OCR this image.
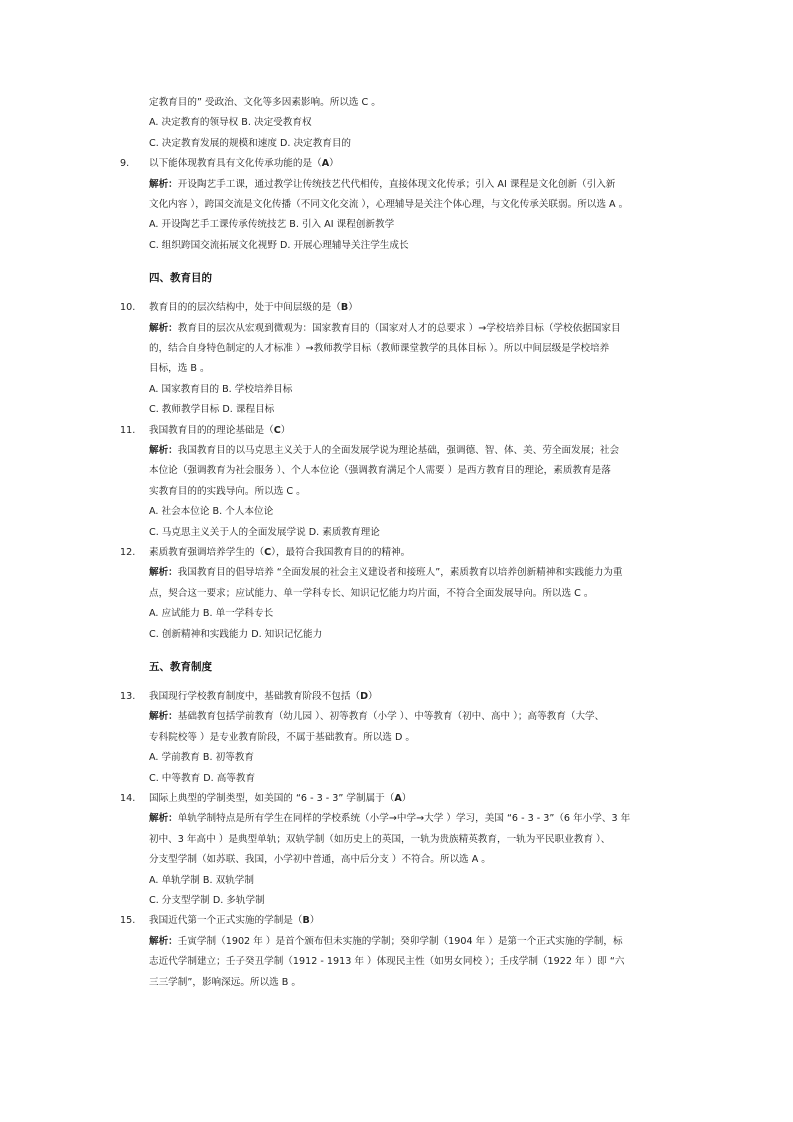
定教育目的” 受政治、文化等多因素影响。所以选 C 。
A. 决定教育的领导权 B. 决定受教育权
C. 决定教育发展的规模和速度 D. 决定教育目的
9. 以下能体现教育具有文化传承功能的是（A）
解析：开设陶艺手工课，通过教学让传统技艺代代相传，直接体现文化传承；引入 AI 课程是文化创新（引入新
文化内容 ），跨国交流是文化传播（不同文化交流 ），心理辅导是关注个体心理，与文化传承关联弱。所以选 A 。
A. 开设陶艺手工课传承传统技艺 B. 引入 AI 课程创新教学
C. 组织跨国交流拓展文化视野 D. 开展心理辅导关注学生成长
四、教育目的
10. 教育目的的层次结构中，处于中间层级的是（B）
解析：教育目的层次从宏观到微观为：国家教育目的（国家对人才的总要求 ）→学校培养目标（学校依据国家目
的，结合自身特色制定的人才标准 ）→教师教学目标（教师课堂教学的具体目标 ）。所以中间层级是学校培养
目标，选 B 。
A. 国家教育目的 B. 学校培养目标
C. 教师教学目标 D. 课程目标
11. 我国教育目的的理论基础是（C）
解析：我国教育目的以马克思主义关于人的全面发展学说为理论基础，强调德、智、体、美、劳全面发展；社会
本位论（强调教育为社会服务 ）、个人本位论（强调教育满足个人需要 ）是西方教育目的理论，素质教育是落
实教育目的的实践导向。所以选 C 。
A. 社会本位论 B. 个人本位论
C. 马克思主义关于人的全面发展学说 D. 素质教育理论
12. 素质教育强调培养学生的（C），最符合我国教育目的的精神。
解析：我国教育目的倡导培养 “全面发展的社会主义建设者和接班人”，素质教育以培养创新精神和实践能力为重
点，契合这一要求；应试能力、单一学科专长、知识记忆能力均片面，不符合全面发展导向。所以选 C 。
A. 应试能力 B. 单一学科专长
C. 创新精神和实践能力 D. 知识记忆能力
五、教育制度
13. 我国现行学校教育制度中，基础教育阶段不包括（D）
解析：基础教育包括学前教育（幼儿园 ）、初等教育（小学 ）、中等教育（初中、高中 ）；高等教育（大学、
专科院校等 ）是专业教育阶段，不属于基础教育。所以选 D 。
A. 学前教育 B. 初等教育
C. 中等教育 D. 高等教育
14. 国际上典型的学制类型，如美国的 “6 - 3 - 3” 学制属于（A）
解析：单轨学制特点是所有学生在同样的学校系统（小学→中学→大学 ）学习，美国 “6 - 3 - 3”（6 年小学、3 年
初中、3 年高中 ）是典型单轨；双轨学制（如历史上的英国，一轨为贵族精英教育，一轨为平民职业教育 ）、
分支型学制（如苏联、我国，小学初中普通，高中后分支 ）不符合。所以选 A 。
A. 单轨学制 B. 双轨学制
C. 分支型学制 D. 多轨学制
15. 我国近代第一个正式实施的学制是（B）
解析：壬寅学制（1902 年 ）是首个颁布但未实施的学制；癸卯学制（1904 年 ）是第一个正式实施的学制，标
志近代学制建立；壬子癸丑学制（1912 - 1913 年 ）体现民主性（如男女同校 ）；壬戌学制（1922 年 ）即 “六
三三学制”，影响深远。所以选 B 。
